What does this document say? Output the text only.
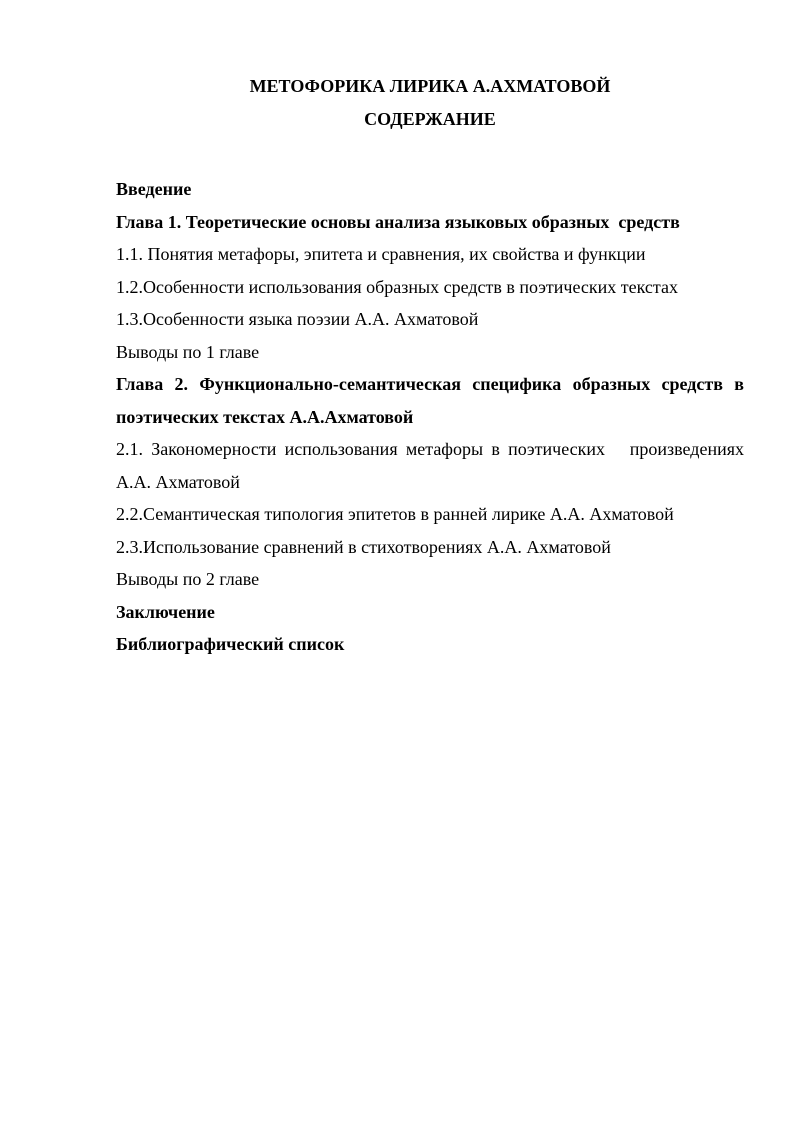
МЕТОФОРИКА ЛИРИКА А.АХМАТОВОЙ
СОДЕРЖАНИЕ
Введение
Глава 1. Теоретические основы анализа языковых образных  средств
1.1. Понятия метафоры, эпитета и сравнения, их свойства и функции
1.2.Особенности использования образных средств в поэтических текстах
1.3.Особенности языка поэзии А.А. Ахматовой
Выводы по 1 главе
Глава 2. Функционально-семантическая специфика образных средств в поэтических текстах А.А.Ахматовой
2.1. Закономерности использования метафоры в поэтических   произведениях А.А. Ахматовой
2.2.Семантическая типология эпитетов в ранней лирике А.А. Ахматовой
2.3.Использование сравнений в стихотворениях А.А. Ахматовой
Выводы по 2 главе
Заключение
Библиографический список
